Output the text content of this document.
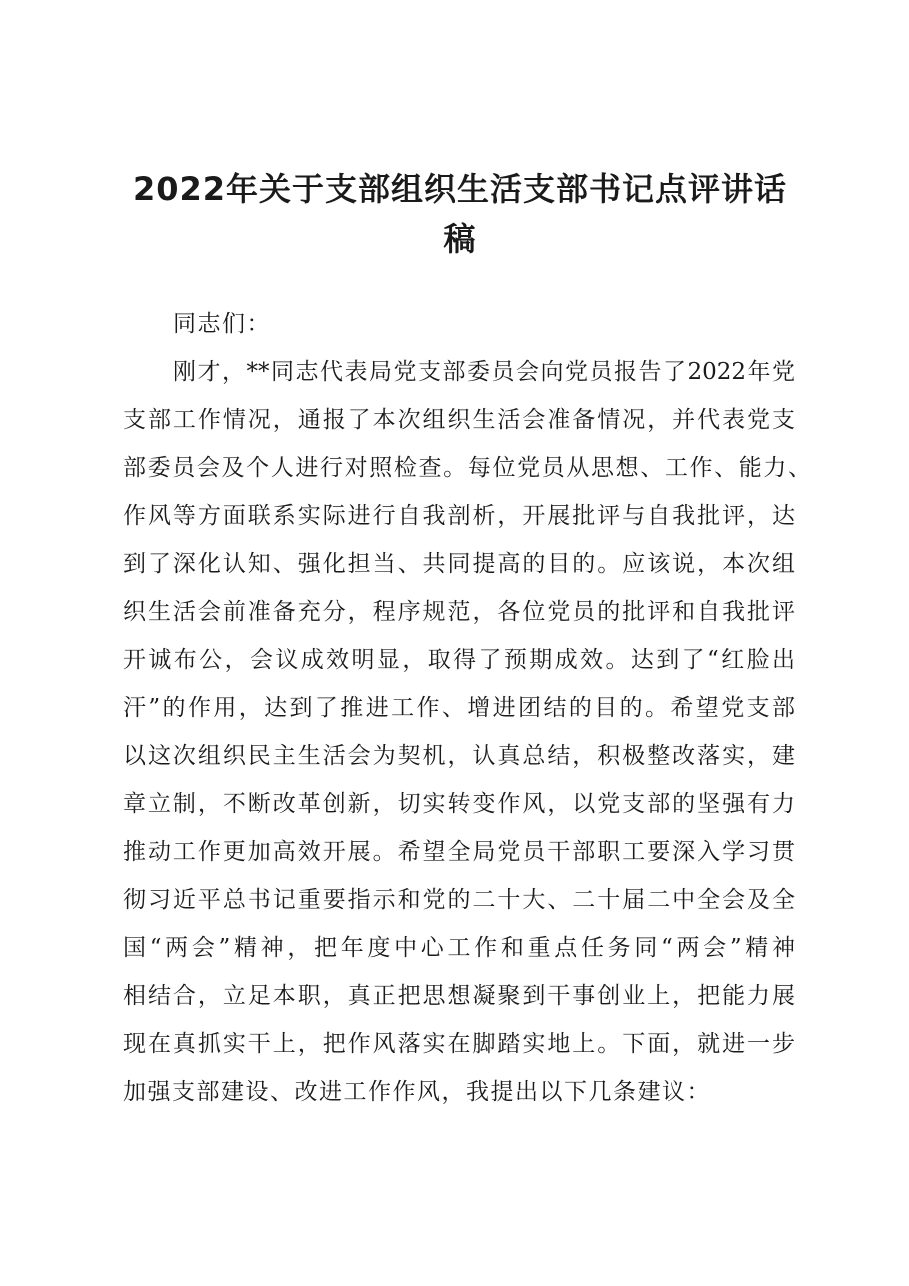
2022年关于支部组织生活支部书记点评讲话
稿
同志们：
刚才，**同志代表局党支部委员会向党员报告了2022年党
支部工作情况，通报了本次组织生活会准备情况，并代表党支
部委员会及个人进行对照检查。每位党员从思想、工作、能力、
作风等方面联系实际进行自我剖析，开展批评与自我批评，达
到了深化认知、强化担当、共同提高的目的。应该说，本次组
织生活会前准备充分，程序规范，各位党员的批评和自我批评
开诚布公，会议成效明显，取得了预期成效。达到了“红脸出
汗”的作用，达到了推进工作、增进团结的目的。希望党支部
以这次组织民主生活会为契机，认真总结，积极整改落实，建
章立制，不断改革创新，切实转变作风，以党支部的坚强有力
推动工作更加高效开展。希望全局党员干部职工要深入学习贯
彻习近平总书记重要指示和党的二十大、二十届二中全会及全
国“两会”精神，把年度中心工作和重点任务同“两会”精神
相结合，立足本职，真正把思想凝聚到干事创业上，把能力展
现在真抓实干上，把作风落实在脚踏实地上。下面，就进一步
加强支部建设、改进工作作风，我提出以下几条建议：
